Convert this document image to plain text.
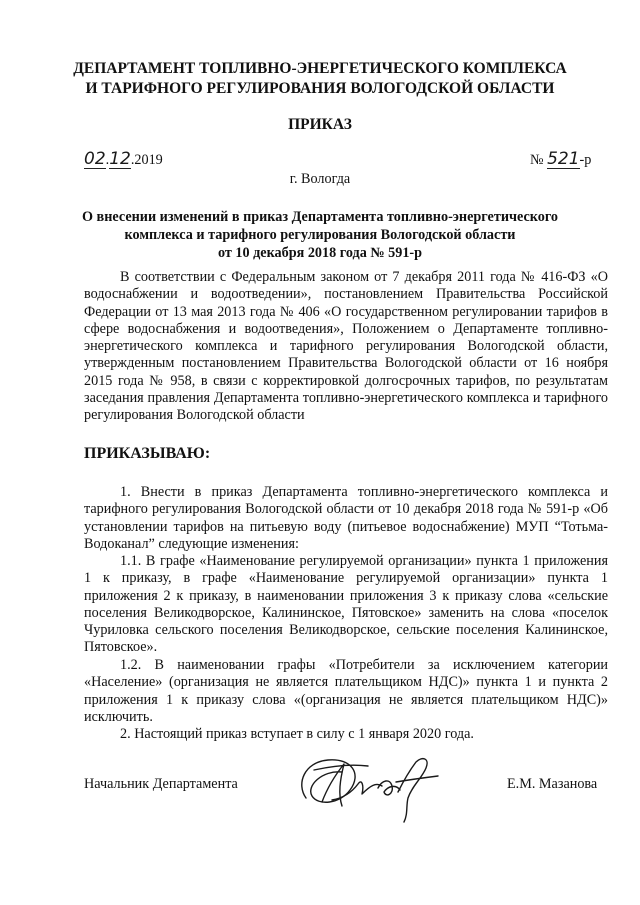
ДЕПАРТАМЕНТ ТОПЛИВНО-ЭНЕРГЕТИЧЕСКОГО КОМПЛЕКСА
И ТАРИФНОГО РЕГУЛИРОВАНИЯ ВОЛОГОДСКОЙ ОБЛАСТИ
ПРИКАЗ
02.12.2019	№ 521-р
г. Вологда
О внесении изменений в приказ Департамента топливно-энергетического
комплекса и тарифного регулирования Вологодской области
от 10 декабря 2018 года № 591-р

В соответствии с Федеральным законом от 7 декабря 2011 года № 416-ФЗ «О водоснабжении и водоотведении», постановлением Правительства Российской Федерации от 13 мая 2013 года № 406 «О государственном регулировании тарифов в сфере водоснабжения и водоотведения», Положением о Департаменте топливно-энергетического комплекса и тарифного регулирования Вологодской области, утвержденным постановлением Правительства Вологодской области от 16 ноября 2015 года № 958, в связи с корректировкой долгосрочных тарифов, по результатам заседания правления Департамента топливно-энергетического комплекса и тарифного регулирования Вологодской области

ПРИКАЗЫВАЮ:

1. Внести в приказ Департамента топливно-энергетического комплекса и тарифного регулирования Вологодской области от 10 декабря 2018 года № 591-р «Об установлении тарифов на питьевую воду (питьевое водоснабжение) МУП “Тотьма-Водоканал” следующие изменения:

1.1. В графе «Наименование регулируемой организации» пункта 1 приложения 1 к приказу, в графе «Наименование регулируемой организации» пункта 1 приложения 2 к приказу, в наименовании приложения 3 к приказу слова «сельские поселения Великодворское, Калининское, Пятовское» заменить на слова «поселок Чуриловка сельского поселения Великодворское, сельские поселения Калининское, Пятовское».

1.2. В наименовании графы «Потребители за исключением категории «Население» (организация не является плательщиком НДС)» пункта 1 и пункта 2 приложения 1 к приказу слова «(организация не является плательщиком НДС)» исключить.

2. Настоящий приказ вступает в силу с 1 января 2020 года.

Начальник Департамента	Е.М. Мазанова
